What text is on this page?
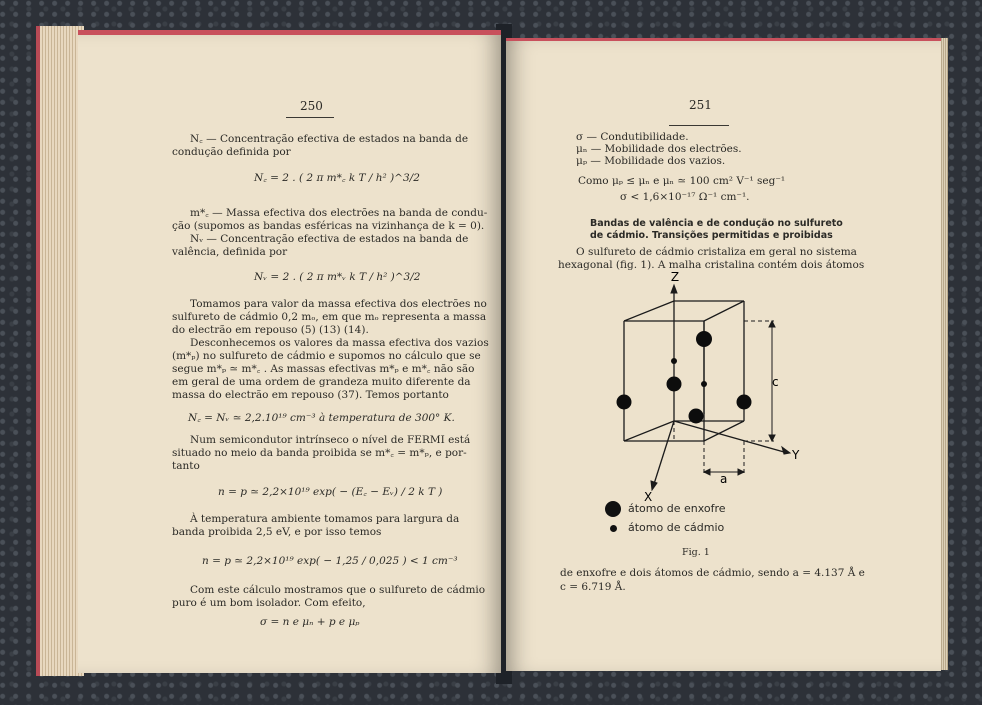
250
N꜀ — Concentração efectiva de estados na banda de
condução definida por
N꜀ = 2 . ( 2 π m*꜀ k T / h² )^3/2
m*꜀ — Massa efectiva dos electrões na banda de condu-
ção (supomos as bandas esféricas na vizinhança de k = 0).
Nᵥ — Concentração efectiva de estados na banda de
valência, definida por
Nᵥ = 2 . ( 2 π m*ᵥ k T / h² )^3/2
Tomamos para valor da massa efectiva dos electrões no
sulfureto de cádmio 0,2 mₒ, em que mₒ representa a massa
do electrão em repouso (5) (13) (14).
Desconhecemos os valores da massa efectiva dos vazios
(m*ₚ) no sulfureto de cádmio e supomos no cálculo que se
segue m*ₚ ≃ m*꜀ . As massas efectivas m*ₚ e m*꜀ não são
em geral de uma ordem de grandeza muito diferente da
massa do electrão em repouso (37). Temos portanto
N꜀ = Nᵥ ≃ 2,2.10¹⁹ cm⁻³ à temperatura de 300° K.
Num semicondutor intrínseco o nível de FERMI está
situado no meio da banda proibida se m*꜀ = m*ₚ, e por-
tanto
n = p ≃ 2,2×10¹⁹ exp( − (E꜀ − Eᵥ) / 2 k T )
À temperatura ambiente tomamos para largura da
banda proibida 2,5 eV, e por isso temos
n = p ≃ 2,2×10¹⁹ exp( − 1,25 / 0,025 ) < 1 cm⁻³
Com este cálculo mostramos que o sulfureto de cádmio
puro é um bom isolador. Com efeito,
σ = n e μₙ + p e μₚ
251
σ — Condutibilidade.
μₙ — Mobilidade dos electrões.
μₚ — Mobilidade dos vazios.
Como μₚ ≤ μₙ e μₙ ≃ 100 cm² V⁻¹ seg⁻¹
σ < 1,6×10⁻¹⁷ Ω⁻¹ cm⁻¹.
Bandas de valência e de condução no sulfureto
de cádmio. Transições permitidas e proibidas
O sulfureto de cádmio cristaliza em geral no sistema
hexagonal (fig. 1). A malha cristalina contém dois átomos
Z
Y
X
c
a
átomo de enxofre
átomo de cádmio
Fig. 1
de enxofre e dois átomos de cádmio, sendo a = 4.137 Å e
c = 6.719 Å.
